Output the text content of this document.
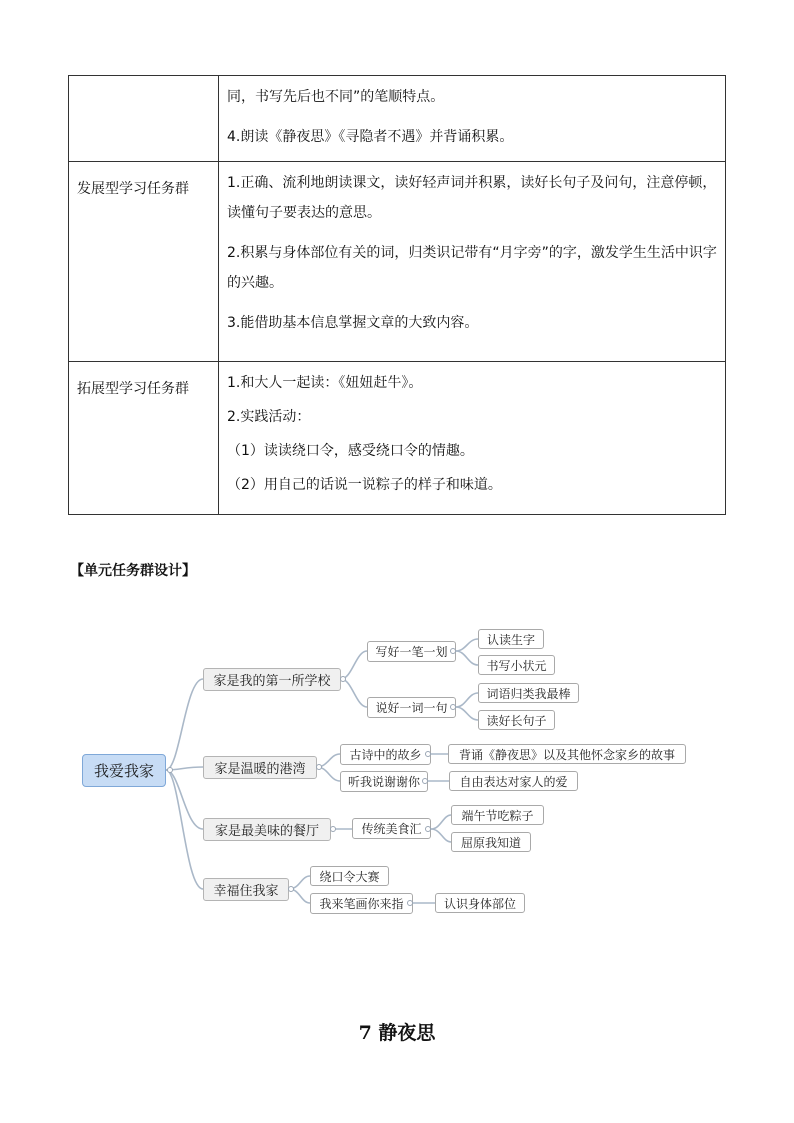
	同，书写先后也不同”的笔顺特点。

4.朗读《静夜思》《寻隐者不遇》并背诵积累。

发展型学习任务群	1.正确、流利地朗读课文，读好轻声词并积累，读好长句子及问句，注意停顿，读懂句子要表达的意思。

2.积累与身体部位有关的词，归类识记带有“月字旁”的字，激发学生生活中识字的兴趣。

3.能借助基本信息掌握文章的大致内容。

拓展型学习任务群	1.和大人一起读：《妞妞赶牛》。

2.实践活动：

（1）读读绕口令，感受绕口令的情趣。

（2）用自己的话说一说粽子的样子和味道。

【单元任务群设计】
我爱我家
家是我的第一所学校
写好一笔一划
说好一词一句
认读生字
书写小状元
词语归类我最棒
读好长句子
家是温暖的港湾
古诗中的故乡
听我说谢谢你
背诵《静夜思》以及其他怀念家乡的故事
自由表达对家人的爱
家是最美味的餐厅	传统美食汇
端午节吃粽子
屈原我知道
幸福住我家
绕口令大赛
我来笔画你来指	认识身体部位
7 静夜思
